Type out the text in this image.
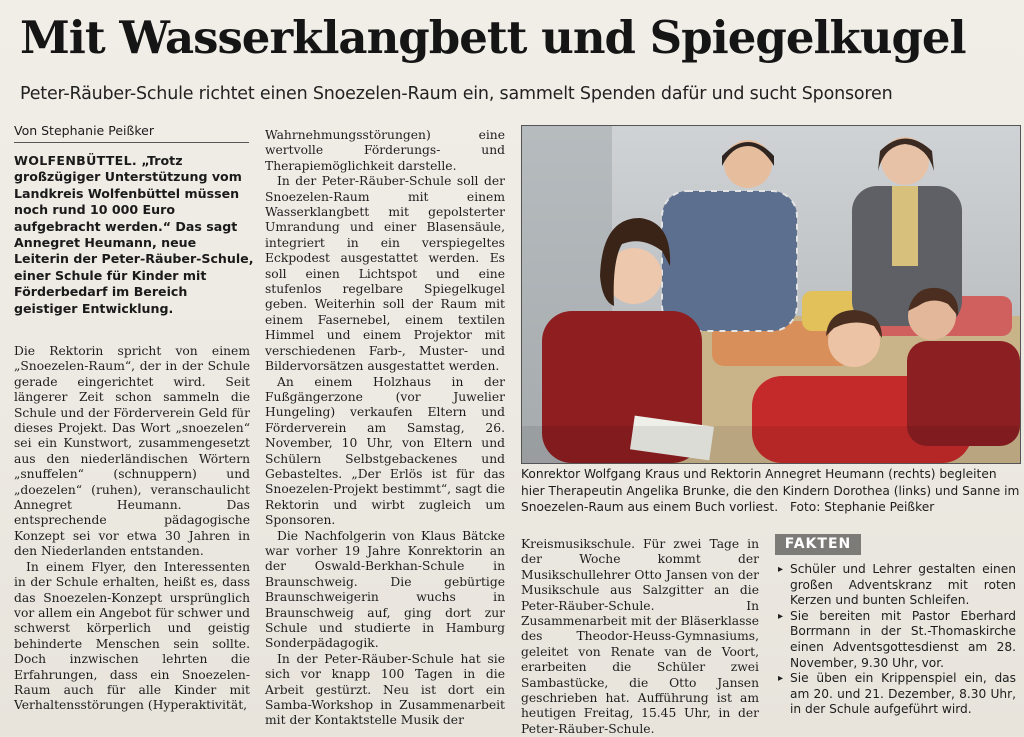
Mit Wasserklangbett und Spiegelkugel

Peter-Räuber-Schule richtet einen Snoezelen-Raum ein, sammelt Spenden dafür und sucht Sponsoren

Von Stephanie Peißker
WOLFENBÜTTEL. „Trotz großzügiger Unterstützung vom Landkreis Wolfenbüttel müssen noch rund 10 000 Euro aufgebracht werden.“ Das sagt Annegret Heumann, neue Leiterin der Peter-Räuber-Schule, einer Schule für Kinder mit Förderbedarf im Bereich geistiger Entwicklung.

Die Rektorin spricht von einem „Snoezelen-Raum“, der in der Schule gerade eingerichtet wird. Seit längerer Zeit schon sammeln die Schule und der Förderverein Geld für dieses Projekt. Das Wort „snoezelen“ sei ein Kunstwort, zusammengesetzt aus den niederländischen Wörtern „snuffelen“ (schnuppern) und „doezelen“ (ruhen), veranschaulicht Annegret Heumann. Das entsprechende pädagogische Konzept sei vor etwa 30 Jahren in den Niederlanden entstanden.

In einem Flyer, den Interessenten in der Schule erhalten, heißt es, dass das Snoezelen-Konzept ursprünglich vor allem ein Angebot für schwer und schwerst körperlich und geistig behinderte Menschen sein sollte. Doch inzwischen lehrten die Erfahrungen, dass ein Snoezelen-Raum auch für alle Kinder mit Verhaltensstörungen (Hyperaktivität,

Wahrnehmungsstörungen) eine wertvolle Förderungs- und Therapiemöglichkeit darstelle.

In der Peter-Räuber-Schule soll der Snoezelen-Raum mit einem Wasserklangbett mit gepolsterter Umrandung und einer Blasensäule, integriert in ein verspiegeltes Eckpodest ausgestattet werden. Es soll einen Lichtspot und eine stufenlos regelbare Spiegelkugel geben. Weiterhin soll der Raum mit einem Fasernebel, einem textilen Himmel und einem Projektor mit verschiedenen Farb-, Muster- und Bildervorsätzen ausgestattet werden.

An einem Holzhaus in der Fußgängerzone (vor Juwelier Hungeling) verkaufen Eltern und Förderverein am Samstag, 26. November, 10 Uhr, von Eltern und Schülern Selbstgebackenes und Gebasteltes. „Der Erlös ist für das Snoezelen-Projekt bestimmt“, sagt die Rektorin und wirbt zugleich um Sponsoren.

Die Nachfolgerin von Klaus Bätcke war vorher 19 Jahre Konrektorin an der Oswald-Berkhan-Schule in Braunschweig. Die gebürtige Braunschweigerin wuchs in Braunschweig auf, ging dort zur Schule und studierte in Hamburg Sonderpädagogik.

In der Peter-Räuber-Schule hat sie sich vor knapp 100 Tagen in die Arbeit gestürzt. Neu ist dort ein Samba-Workshop in Zusammenarbeit mit der Kontaktstelle Musik der

Konrektor Wolfgang Kraus und Rektorin Annegret Heumann (rechts) begleiten hier Therapeutin Angelika Brunke, die den Kindern Dorothea (links) und Sanne im Snoezelen-Raum aus einem Buch vorliest. Foto: Stephanie Peißker

Kreismusikschule. Für zwei Tage in der Woche kommt der Musikschullehrer Otto Jansen von der Musikschule aus Salzgitter an die Peter-Räuber-Schule. In Zusammenarbeit mit der Bläserklasse des Theodor-Heuss-Gymnasiums, geleitet von Renate van de Voort, erarbeiten die Schüler zwei Sambastücke, die Otto Jansen geschrieben hat. Aufführung ist am heutigen Freitag, 15.45 Uhr, in der Peter-Räuber-Schule.

FAKTEN

▸ Schüler und Lehrer gestalten einen großen Adventskranz mit roten Kerzen und bunten Schleifen.

▸ Sie bereiten mit Pastor Eberhard Borrmann in der St.-Thomaskirche einen Adventsgottesdienst am 28. November, 9.30 Uhr, vor.

▸ Sie üben ein Krippenspiel ein, das am 20. und 21. Dezember, 8.30 Uhr, in der Schule aufgeführt wird.
